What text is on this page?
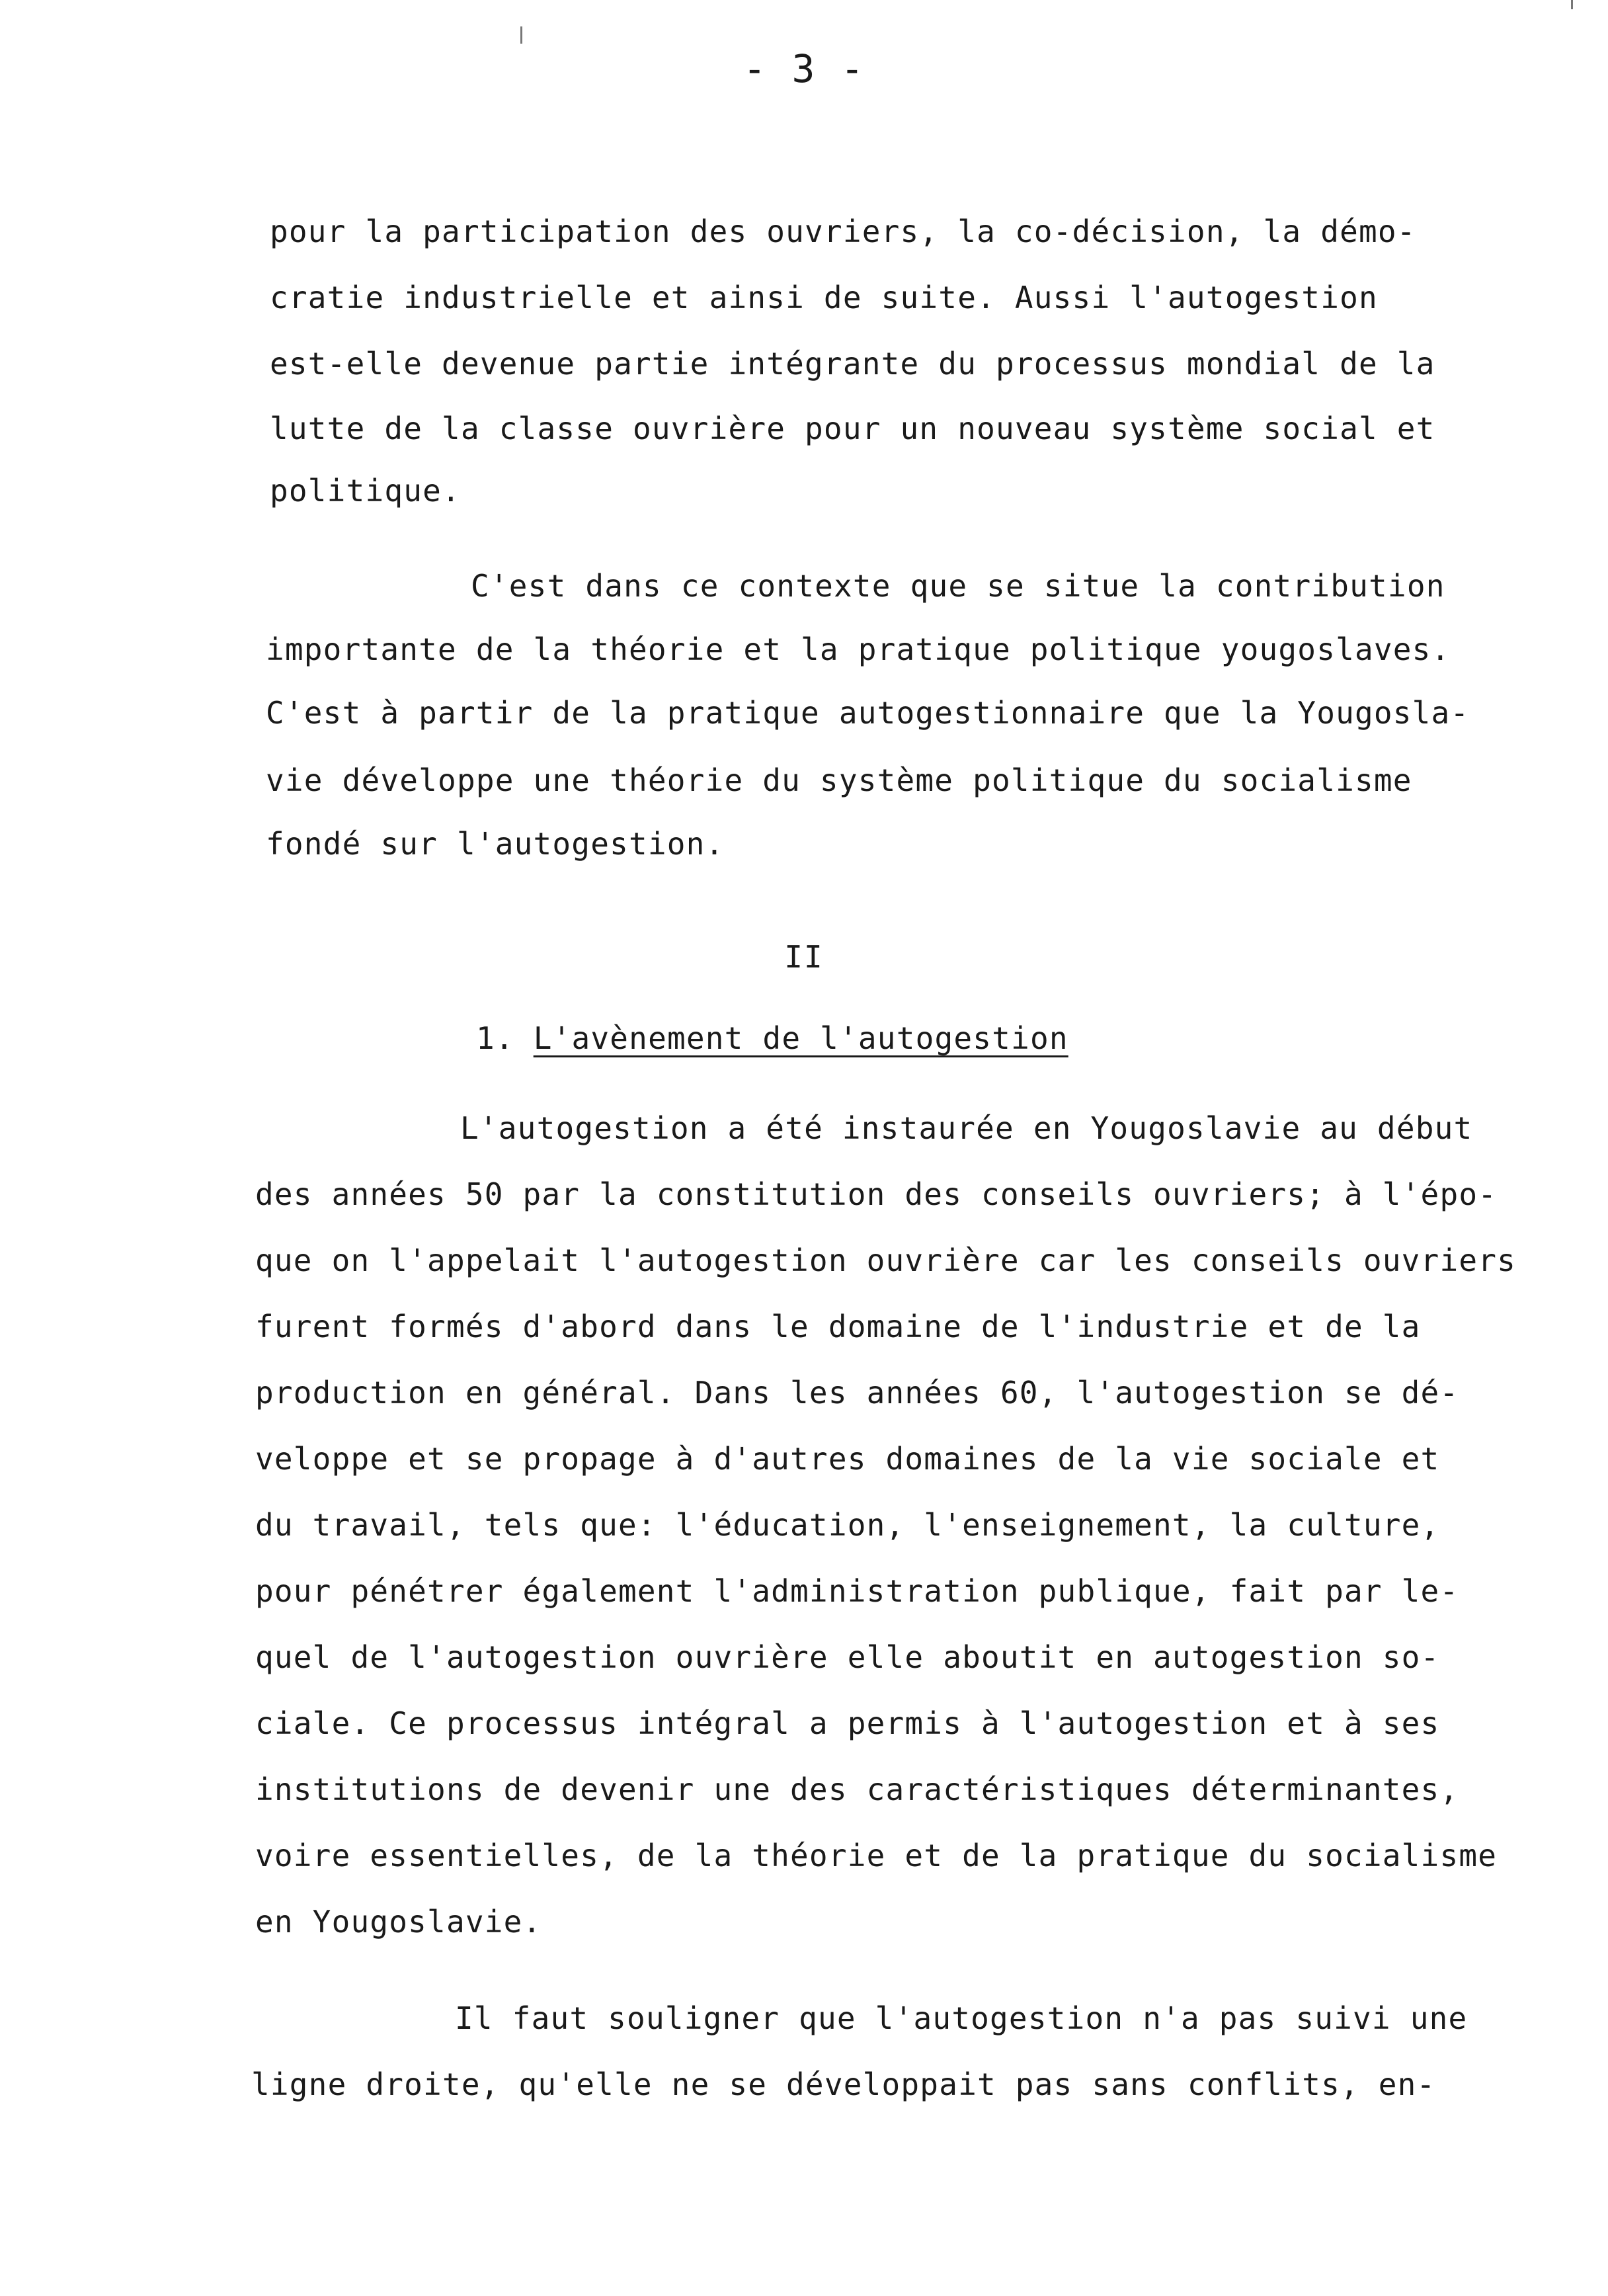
- 3 -
pour la participation des ouvriers, la co-décision, la démo-
cratie industrielle et ainsi de suite. Aussi l'autogestion
est-elle devenue partie intégrante du processus mondial de la
lutte de la classe ouvrière pour un nouveau système social et
politique.
C'est dans ce contexte que se situe la contribution
importante de la théorie et la pratique politique yougoslaves.
C'est à partir de la pratique autogestionnaire que la Yougosla-
vie développe une théorie du système politique du socialisme
fondé sur l'autogestion.
II
1. L'avènement de l'autogestion
L'autogestion a été instaurée en Yougoslavie au début
des années 50 par la constitution des conseils ouvriers; à l'épo-
que on l'appelait l'autogestion ouvrière car les conseils ouvriers
furent formés d'abord dans le domaine de l'industrie et de la
production en général. Dans les années 60, l'autogestion se dé-
veloppe et se propage à d'autres domaines de la vie sociale et
du travail, tels que: l'éducation, l'enseignement, la culture,
pour pénétrer également l'administration publique, fait par le-
quel de l'autogestion ouvrière elle aboutit en autogestion so-
ciale. Ce processus intégral a permis à l'autogestion et à ses
institutions de devenir une des caractéristiques déterminantes,
voire essentielles, de la théorie et de la pratique du socialisme
en Yougoslavie.
Il faut souligner que l'autogestion n'a pas suivi une
ligne droite, qu'elle ne se développait pas sans conflits, en-
